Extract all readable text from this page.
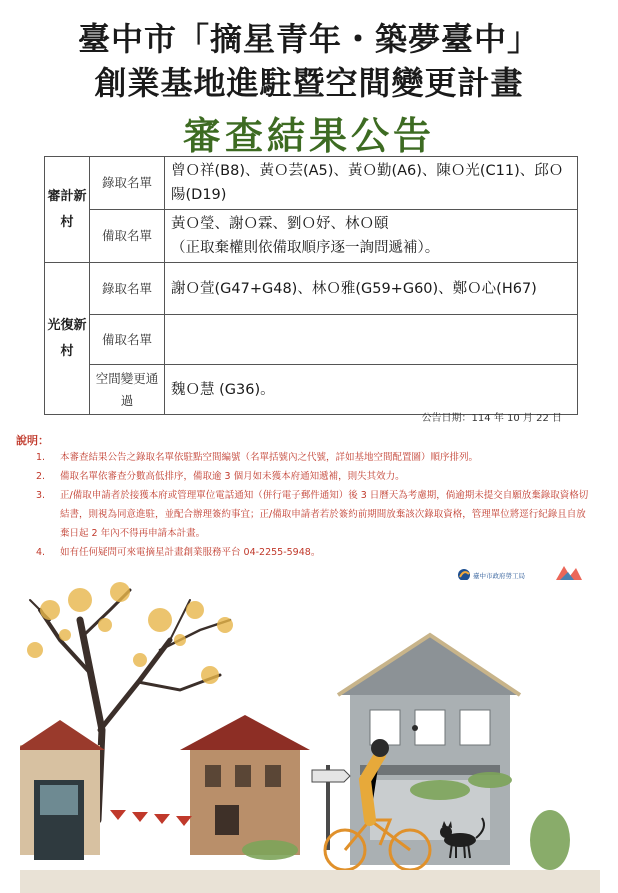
臺中市「摘星青年・築夢臺中」
創業基地進駐暨空間變更計畫
審查結果公告
審計新村	錄取名單	曾Ｏ祥(B8)、黃Ｏ芸(A5)、黃Ｏ勤(A6)、陳Ｏ光(C11)、邱Ｏ陽(D19)
	備取名單	黃Ｏ瑩、謝Ｏ霖、劉Ｏ妤、林Ｏ頤
（正取棄權則依備取順序逐一詢問遞補）。

光復新村	錄取名單	謝Ｏ萱(G47+G48)、林Ｏ雅(G59+G60)、鄭Ｏ心(H67)
	備取名單	
	空間變更通過	魏Ｏ慧 (G36)。
公告日期：114 年 10 月 22 日
說明：
1. 本審查結果公告之錄取名單依駐點空間編號（名單括號內之代號，詳如基地空間配置圖）順序排列。
2. 備取名單依審查分數高低排序，備取逾 3 個月如未獲本府通知遞補，則失其效力。
3. 正/備取申請者於接獲本府或管理單位電話通知（併行電子郵件通知）後 3 日曆天為考慮期，倘逾期未提交自願放棄錄取資格切結書，則視為同意進駐，並配合辦理簽約事宜；正/備取申請者若於簽約前期間放棄該次錄取資格，管理單位將逕行紀錄且自放棄日起 2 年內不得再申請本計畫。
4. 如有任何疑問可來電摘星計畫創業服務平台 04-2255-5948。
臺中市政府勞工局
